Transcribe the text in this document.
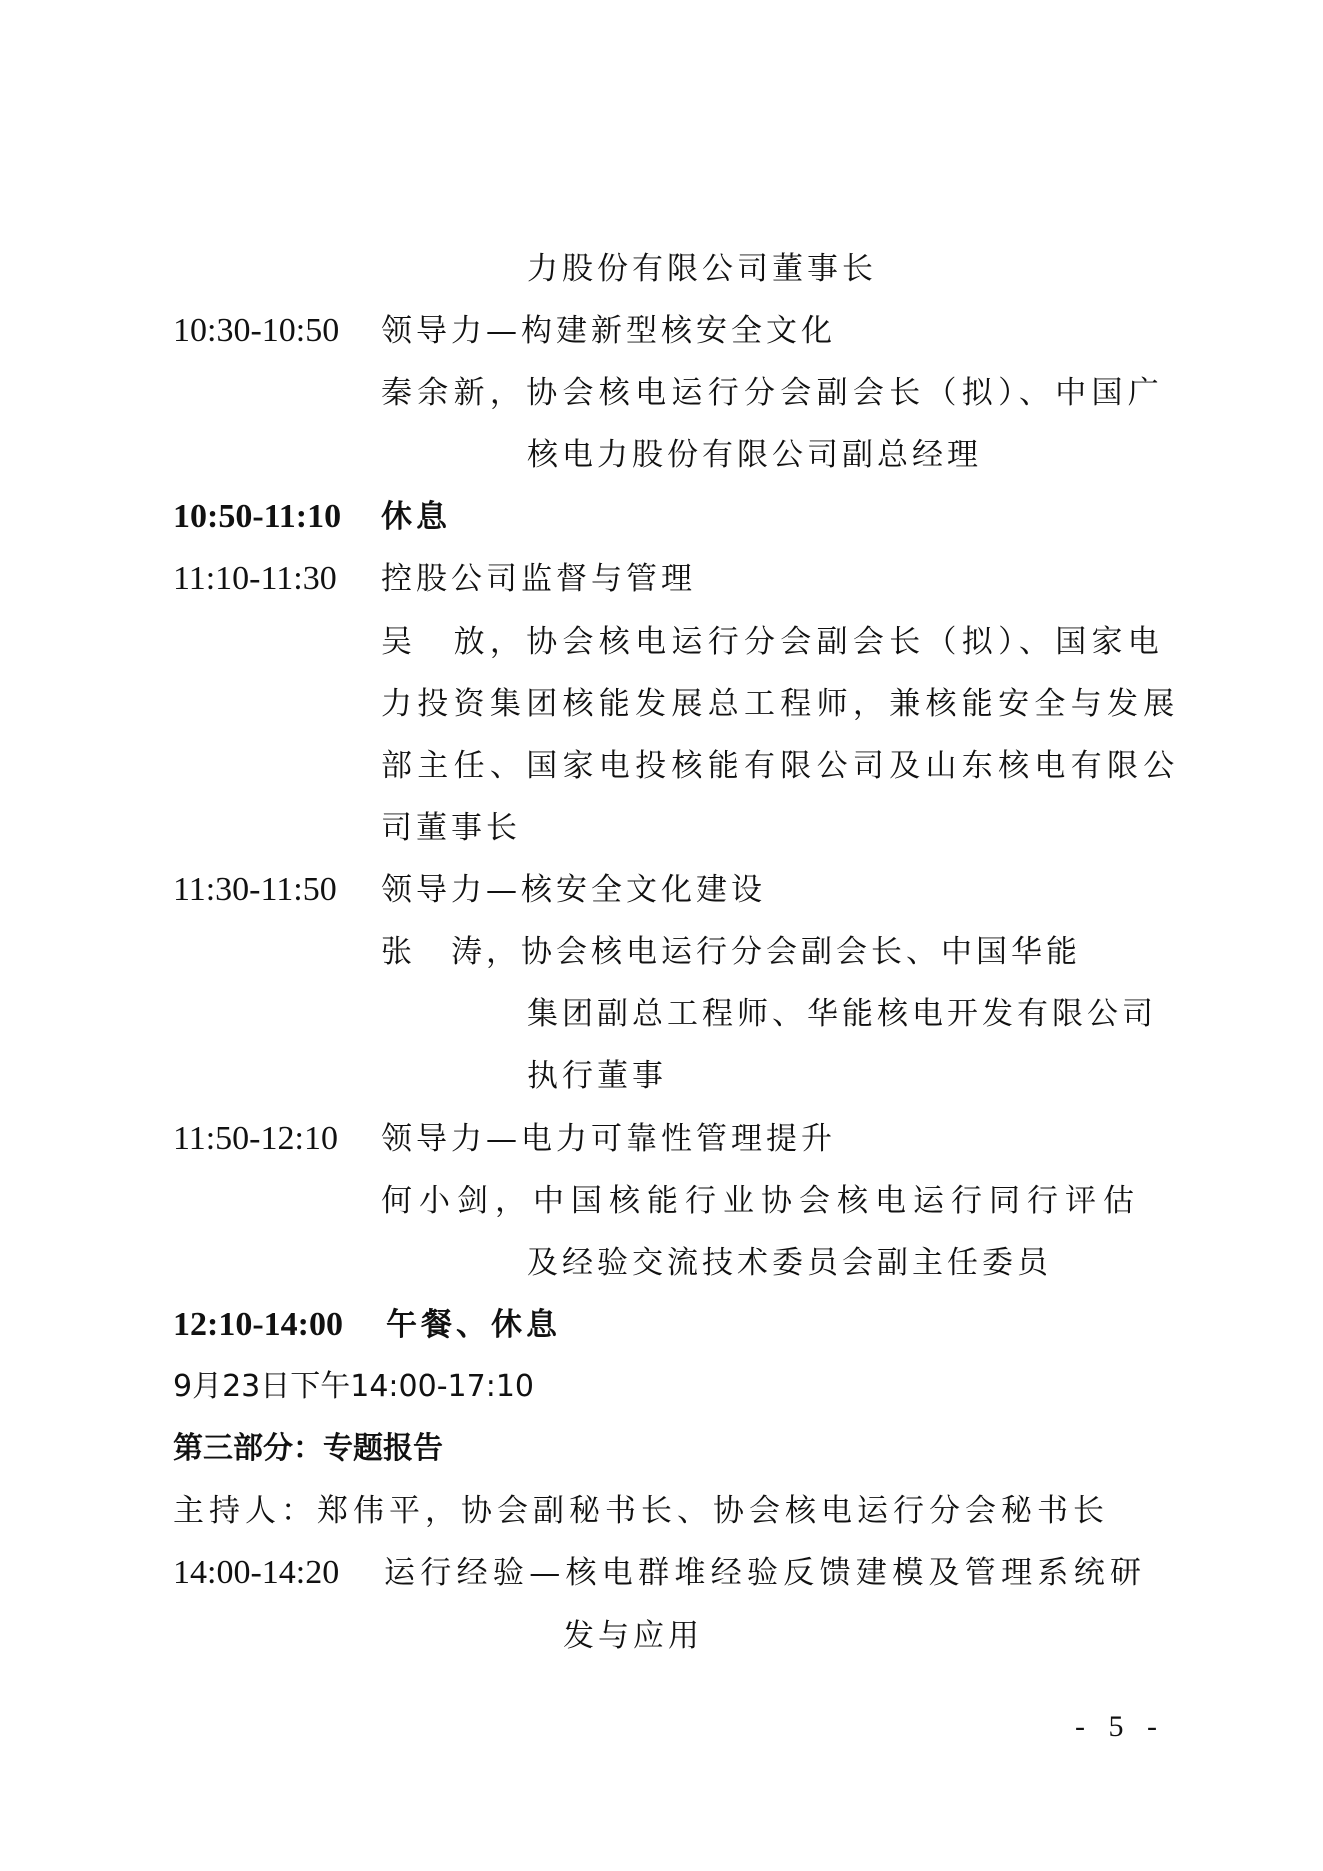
力股份有限公司董事长
10:30-10:50 领导力—构建新型核安全文化
秦余新，协会核电运行分会副会长（拟）、中国广
核电力股份有限公司副总经理
10:50-11:10 休息
11:10-11:30 控股公司监督与管理
吴　放，协会核电运行分会副会长（拟）、国家电
力投资集团核能发展总工程师，兼核能安全与发展
部主任、国家电投核能有限公司及山东核电有限公
司董事长
11:30-11:50 领导力—核安全文化建设
张　涛，协会核电运行分会副会长、中国华能
集团副总工程师、华能核电开发有限公司
执行董事
11:50-12:10 领导力—电力可靠性管理提升
何小剑，中国核能行业协会核电运行同行评估
及经验交流技术委员会副主任委员
12:10-14:00 午餐、休息
9月23日下午14:00-17:10
第三部分：专题报告
主持人：郑伟平，协会副秘书长、协会核电运行分会秘书长
14:00-14:20 运行经验—核电群堆经验反馈建模及管理系统研
发与应用
- 5 -
